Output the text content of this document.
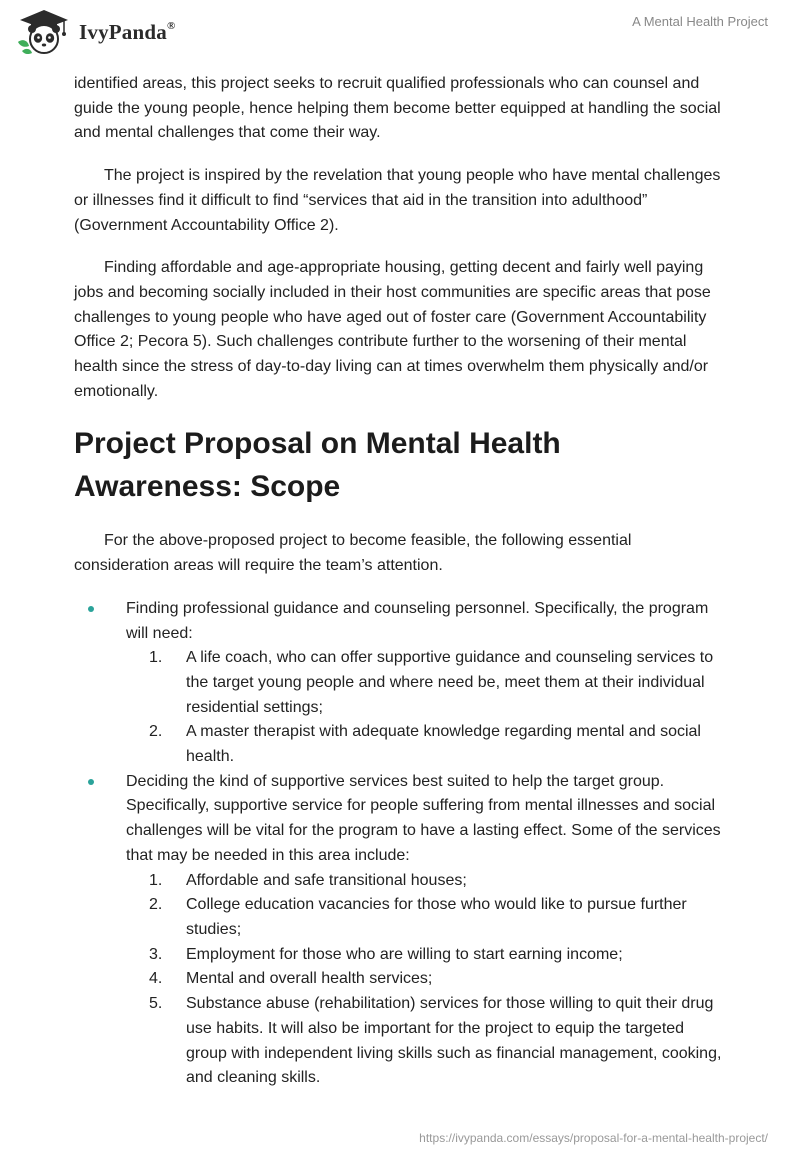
IvyPanda®	A Mental Health Project

identified areas, this project seeks to recruit qualified professionals who can counsel and guide the young people, hence helping them become better equipped at handling the social and mental challenges that come their way.

The project is inspired by the revelation that young people who have mental challenges or illnesses find it difficult to find “services that aid in the transition into adulthood” (Government Accountability Office 2).

Finding affordable and age-appropriate housing, getting decent and fairly well paying jobs and becoming socially included in their host communities are specific areas that pose challenges to young people who have aged out of foster care (Government Accountability Office 2; Pecora 5). Such challenges contribute further to the worsening of their mental health since the stress of day-to-day living can at times overwhelm them physically and/or emotionally.

Project Proposal on Mental Health Awareness: Scope

For the above-proposed project to become feasible, the following essential consideration areas will require the team’s attention.

Finding professional guidance and counseling personnel. Specifically, the program will need:
1. A life coach, who can offer supportive guidance and counseling services to the target young people and where need be, meet them at their individual residential settings;
2. A master therapist with adequate knowledge regarding mental and social health.
Deciding the kind of supportive services best suited to help the target group. Specifically, supportive service for people suffering from mental illnesses and social challenges will be vital for the program to have a lasting effect. Some of the services that may be needed in this area include:
1. Affordable and safe transitional houses;
2. College education vacancies for those who would like to pursue further studies;
3. Employment for those who are willing to start earning income;
4. Mental and overall health services;
5. Substance abuse (rehabilitation) services for those willing to quit their drug use habits. It will also be important for the project to equip the targeted group with independent living skills such as financial management, cooking, and cleaning skills.
https://ivypanda.com/essays/proposal-for-a-mental-health-project/
